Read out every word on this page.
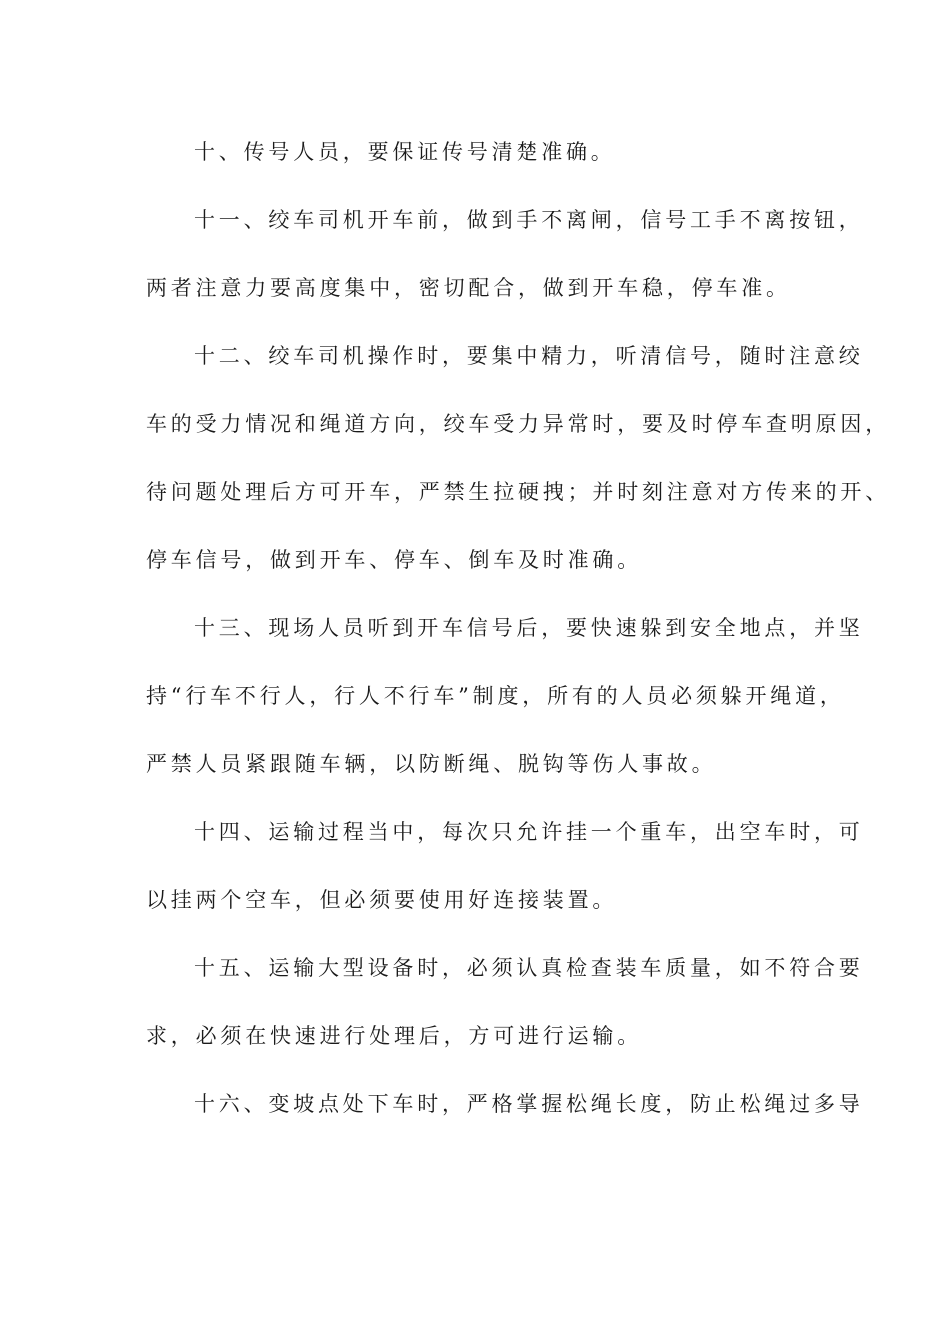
十、传号人员，要保证传号清楚准确。
十一、绞车司机开车前，做到手不离闸，信号工手不离按钮，
两者注意力要高度集中，密切配合，做到开车稳，停车准。
十二、绞车司机操作时，要集中精力，听清信号，随时注意绞
车的受力情况和绳道方向，绞车受力异常时，要及时停车查明原因，
待问题处理后方可开车，严禁生拉硬拽；并时刻注意对方传来的开、
停车信号，做到开车、停车、倒车及时准确。
十三、现场人员听到开车信号后，要快速躲到安全地点，并坚
持“行车不行人，行人不行车”制度，所有的人员必须躲开绳道，
严禁人员紧跟随车辆，以防断绳、脱钩等伤人事故。
十四、运输过程当中，每次只允许挂一个重车，出空车时，可
以挂两个空车，但必须要使用好连接装置。
十五、运输大型设备时，必须认真检查装车质量，如不符合要
求，必须在快速进行处理后，方可进行运输。
十六、变坡点处下车时，严格掌握松绳长度，防止松绳过多导
